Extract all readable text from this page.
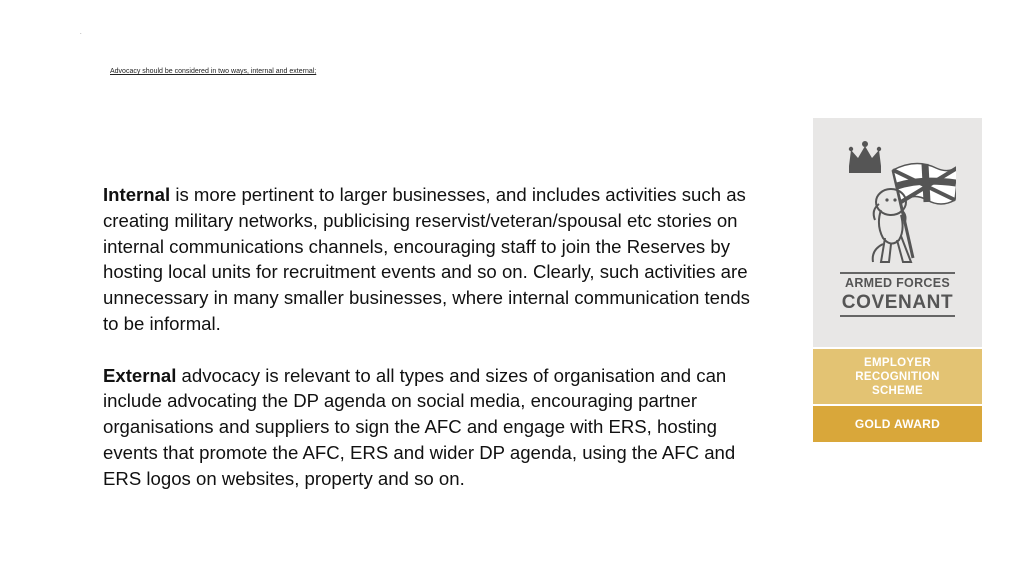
.
Advocacy should be considered in two ways, internal and external;

Internal is more pertinent to larger businesses, and includes activities such as creating military networks, publicising reservist/veteran/spousal etc stories on internal communications channels, encouraging staff to join the Reserves by hosting local units for recruitment events and so on. Clearly, such activities are unnecessary in many smaller businesses, where internal communication tends to be informal.

External advocacy is relevant to all types and sizes of organisation and can include advocating the DP agenda on social media, encouraging partner organisations and suppliers to sign the AFC and engage with ERS, hosting events that promote the AFC, ERS and wider DP agenda, using the AFC and ERS logos on websites, property and so on.

ARMED FORCES
COVENANT
EMPLOYER
RECOGNITION
SCHEME
GOLD AWARD
